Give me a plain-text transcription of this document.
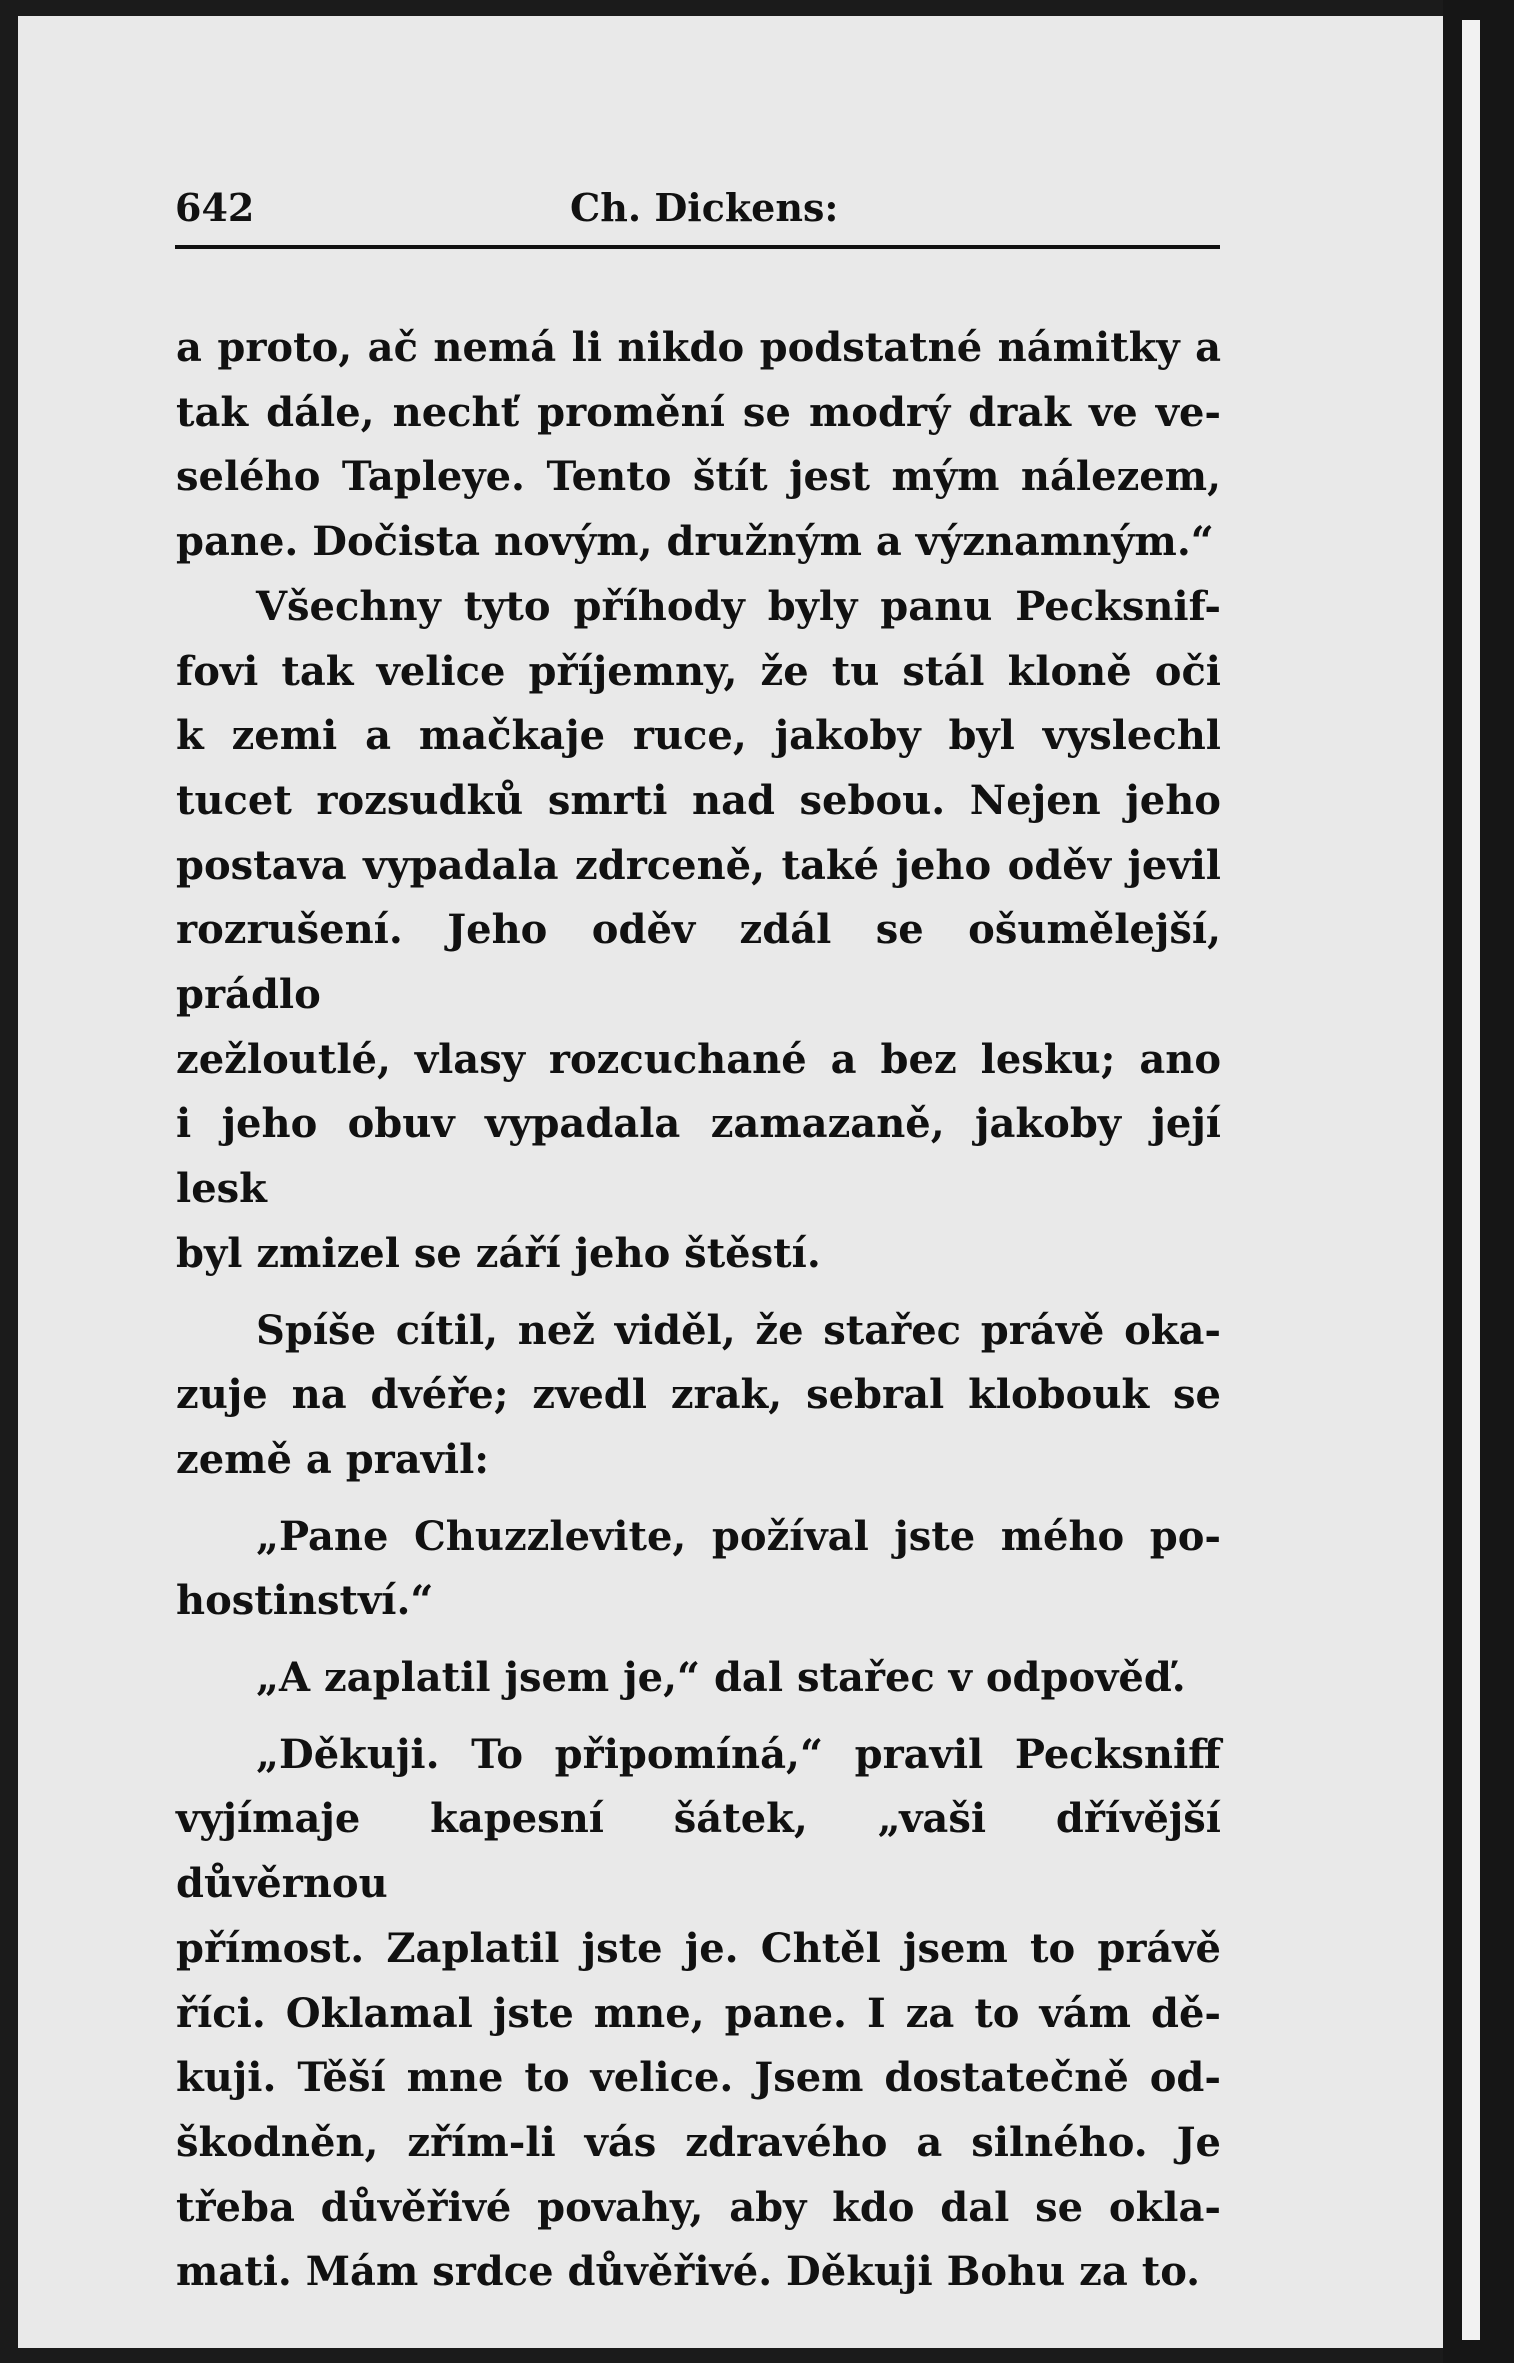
642	Ch. Dickens:
a proto, ač nemá li nikdo podstatné námitky a
tak dále, nechť promění se modrý drak ve ve-
selého Tapleye. Tento štít jest mým nálezem,
pane. Dočista novým, družným a významným.“
Všechny tyto příhody byly panu Pecksnif-
fovi tak velice příjemny, že tu stál kloně oči
k zemi a mačkaje ruce, jakoby byl vyslechl
tucet rozsudků smrti nad sebou. Nejen jeho
postava vypadala zdrceně, také jeho oděv jevil
rozrušení. Jeho oděv zdál se ošumělejší, prádlo
zežloutlé, vlasy rozcuchané a bez lesku; ano
i jeho obuv vypadala zamazaně, jakoby její lesk
byl zmizel se září jeho štěstí.
Spíše cítil, než viděl, že stařec právě oka-
zuje na dvéře; zvedl zrak, sebral klobouk se
země a pravil:
„Pane Chuzzlevite, požíval jste mého po-
hostinství.“
„A zaplatil jsem je,“ dal stařec v odpověď.
„Děkuji. To připomíná,“ pravil Pecksniff
vyjímaje kapesní šátek, „vaši dřívější důvěrnou
přímost. Zaplatil jste je. Chtěl jsem to právě
říci. Oklamal jste mne, pane. I za to vám dě-
kuji. Těší mne to velice. Jsem dostatečně od-
škodněn, zřím-li vás zdravého a silného. Je
třeba důvěřivé povahy, aby kdo dal se okla-
mati. Mám srdce důvěřivé. Děkuji Bohu za to.
